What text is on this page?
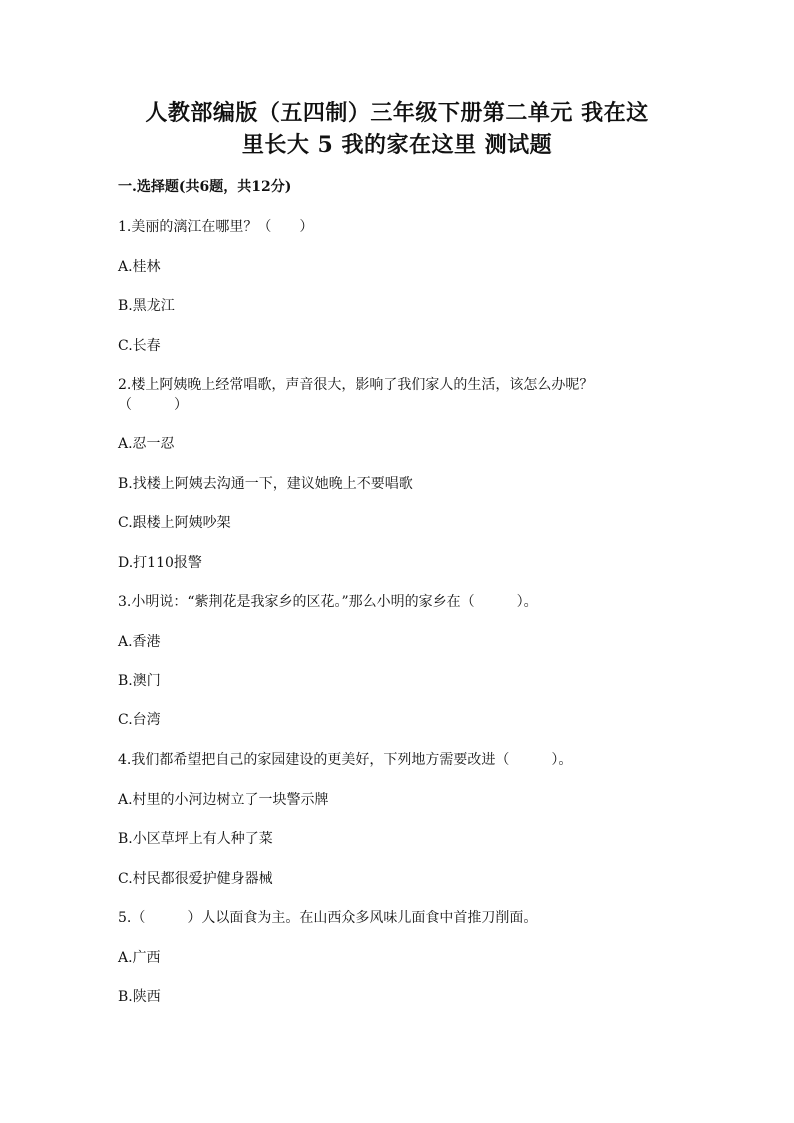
人教部编版（五四制）三年级下册第二单元 我在这
里长大 5 我的家在这里 测试题
一.选择题(共6题，共12分)
1.美丽的漓江在哪里？（　　）
A.桂林
B.黑龙江
C.长春
2.楼上阿姨晚上经常唱歌，声音很大，影响了我们家人的生活，该怎么办呢？
（　　　）
A.忍一忍
B.找楼上阿姨去沟通一下，建议她晚上不要唱歌
C.跟楼上阿姨吵架
D.打110报警
3.小明说：“紫荆花是我家乡的区花。”那么小明的家乡在（　　　）。
A.香港
B.澳门
C.台湾
4.我们都希望把自己的家园建设的更美好，下列地方需要改进（　　　）。
A.村里的小河边树立了一块警示牌
B.小区草坪上有人种了菜
C.村民都很爱护健身器械
5.（　　　）人以面食为主。在山西众多风味儿面食中首推刀削面。
A.广西
B.陕西
